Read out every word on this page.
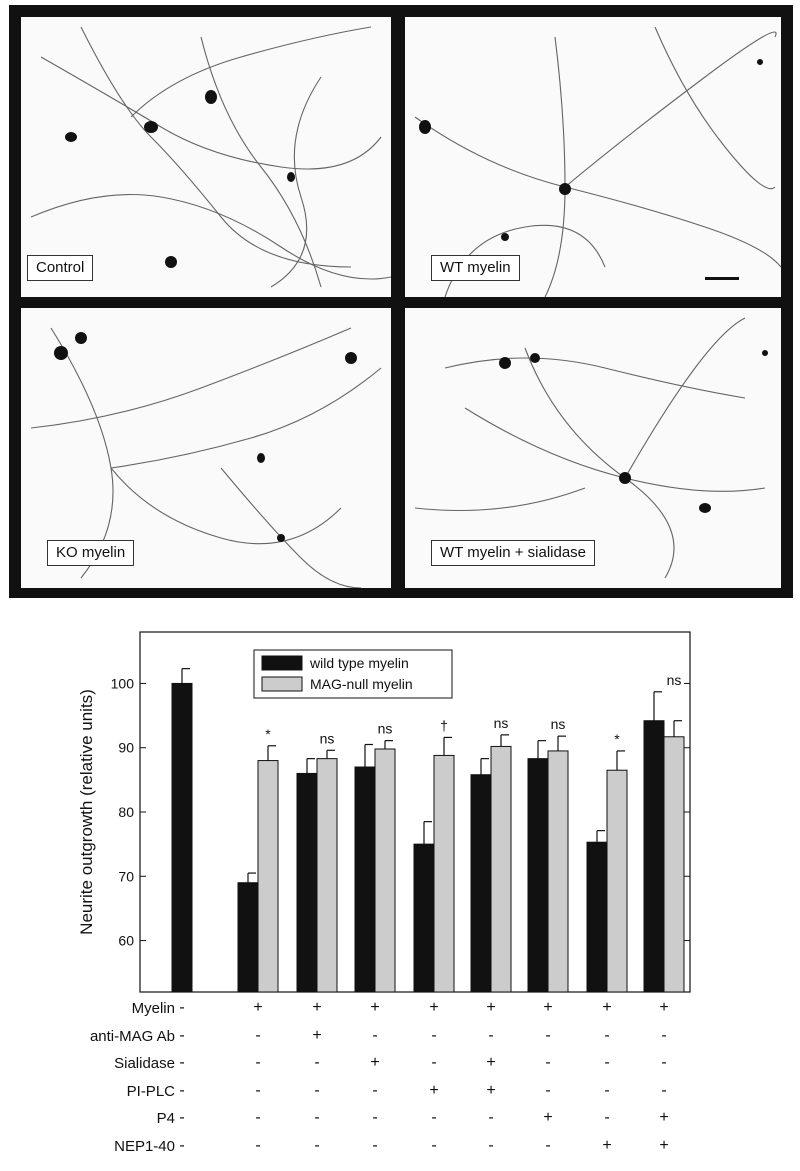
Control	WT myelin
KO myelin	WT myelin + sialidase
Neurite outgrowth (relative units)
60
70
80
90
100
*	ns
ns	†	ns	ns
*
ns
wild type myelin
MAG-null myelin
Myelin -	+	+	+	+	+	+	+	+
anti-MAG Ab -	-	+	-	-	-	-	-	-
Sialidase -	-	-	+	-	+	-	-	-
PI-PLC -	-	-	-	+	+	-	-	-
P4 -	-	-	-	-	-	+	-	+
NEP1-40 -	-	-	-	-	-	-	+	+
